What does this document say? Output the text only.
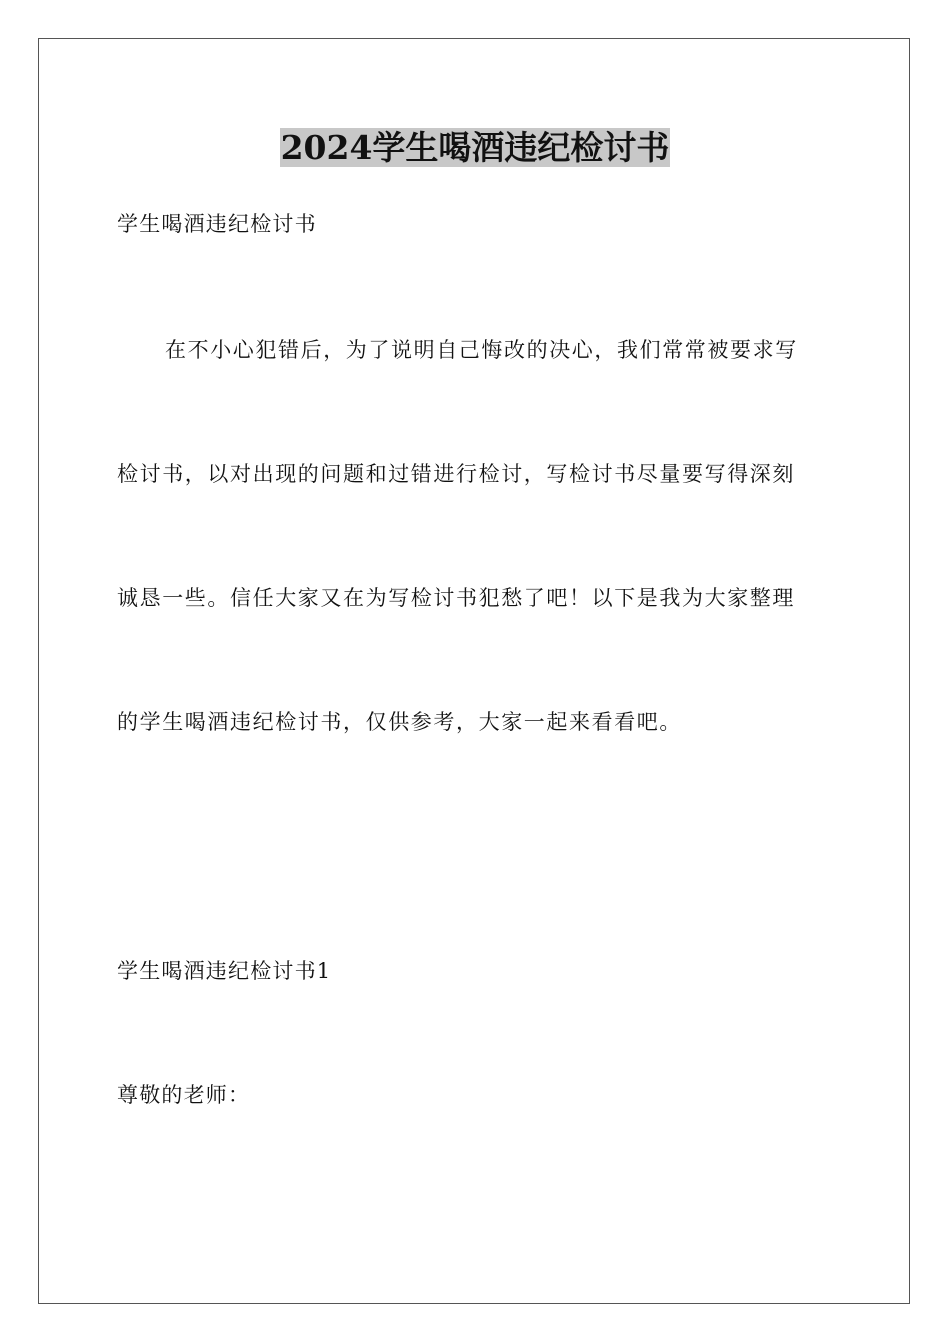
2024学生喝酒违纪检讨书
学生喝酒违纪检讨书
在不小心犯错后，为了说明自己悔改的决心，我们常常被要求写
检讨书，以对出现的问题和过错进行检讨，写检讨书尽量要写得深刻
诚恳一些。信任大家又在为写检讨书犯愁了吧！以下是我为大家整理
的学生喝酒违纪检讨书，仅供参考，大家一起来看看吧。
学生喝酒违纪检讨书1
尊敬的老师：
